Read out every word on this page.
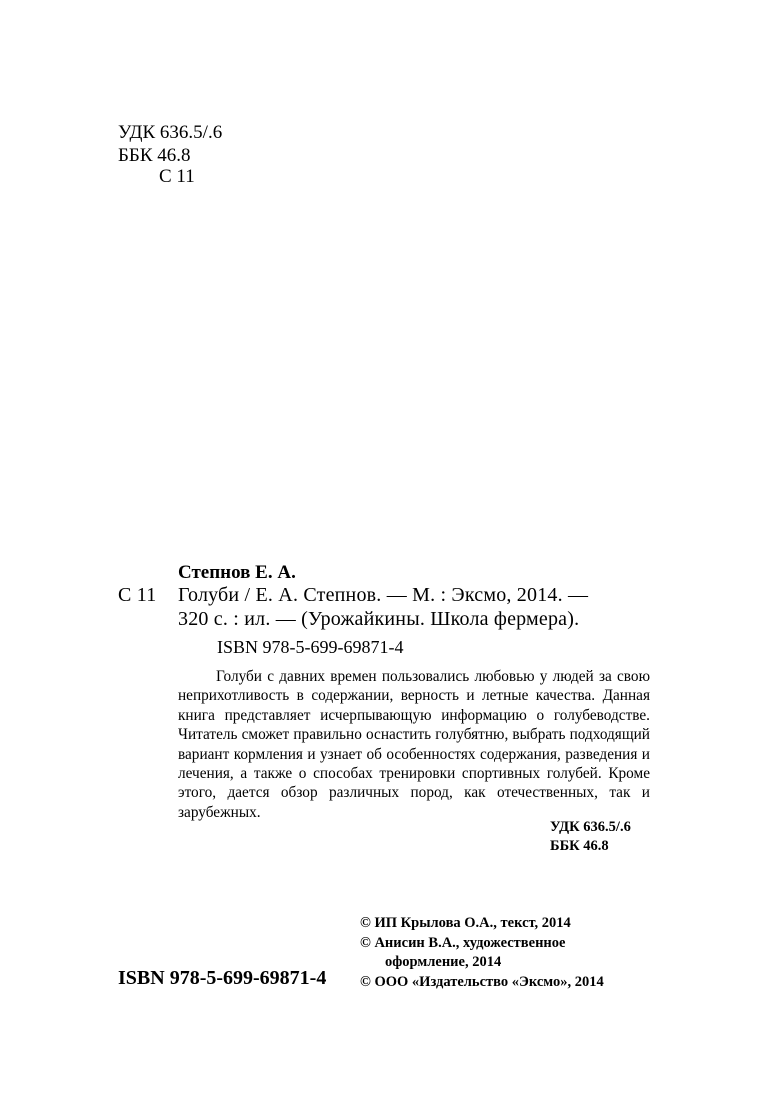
УДК 636.5/.6
ББК 46.8
С 11
Степнов Е. А.
С 11 Голуби / Е. А. Степнов. — М. : Эксмо, 2014. —
320 с. : ил. — (Урожайкины. Школа фермера).
ISBN 978-5-699-69871-4

Голуби с давних времен пользовались любовью у людей за свою неприхотливость в содержании, верность и летные качества. Данная книга представляет исчерпывающую информацию о голубеводстве. Читатель сможет правильно оснастить голубятню, выбрать подходящий вариант кормления и узнает об особенностях содержания, разведения и лечения, а также о способах тренировки спортивных голубей. Кроме этого, дается обзор различных пород, как отечественных, так и зарубежных.

УДК 636.5/.6
ББК 46.8
© ИП Крылова О.А., текст, 2014
© Анисин В.А., художественное
оформление, 2014
© ООО «Издательство «Эксмо», 2014
ISBN 978-5-699-69871-4
